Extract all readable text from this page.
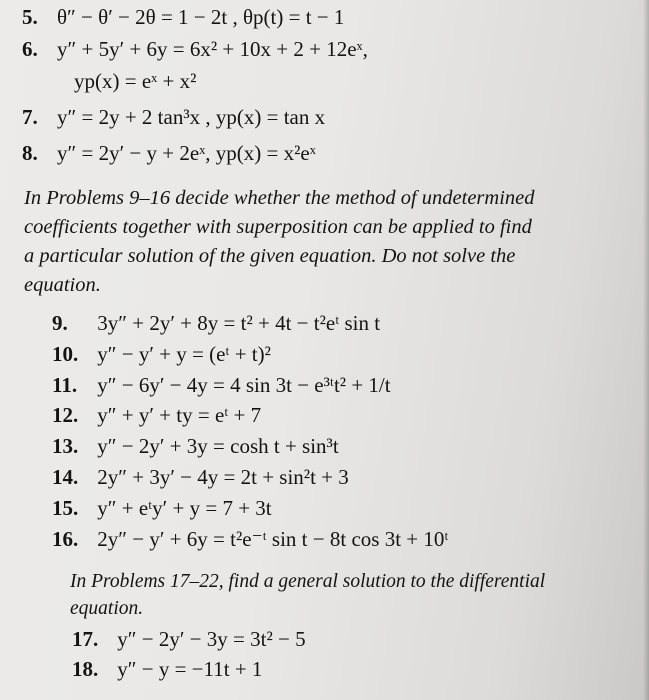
5. θ″ − θ′ − 2θ = 1 − 2t , θp(t) = t − 1
6. y″ + 5y′ + 6y = 6x² + 10x + 2 + 12eˣ,
yp(x) = eˣ + x²
7. y″ = 2y + 2 tan³x , yp(x) = tan x
8. y″ = 2y′ − y + 2eˣ, yp(x) = x²eˣ
In Problems 9–16 decide whether the method of undetermined
coefficients together with superposition can be applied to find
a particular solution of the given equation. Do not solve the
equation.
9. 3y″ + 2y′ + 8y = t² + 4t − t²eᵗ sin t
10. y″ − y′ + y = (eᵗ + t)²
11. y″ − 6y′ − 4y = 4 sin 3t − e³ᵗt² + 1/t
12. y″ + y′ + ty = eᵗ + 7
13. y″ − 2y′ + 3y = cosh t + sin³t
14. 2y″ + 3y′ − 4y = 2t + sin²t + 3
15. y″ + eᵗy′ + y = 7 + 3t
16. 2y″ − y′ + 6y = t²e⁻ᵗ sin t − 8t cos 3t + 10ᵗ
In Problems 17–22, find a general solution to the differential
equation.
17. y″ − 2y′ − 3y = 3t² − 5
18. y″ − y = −11t + 1
